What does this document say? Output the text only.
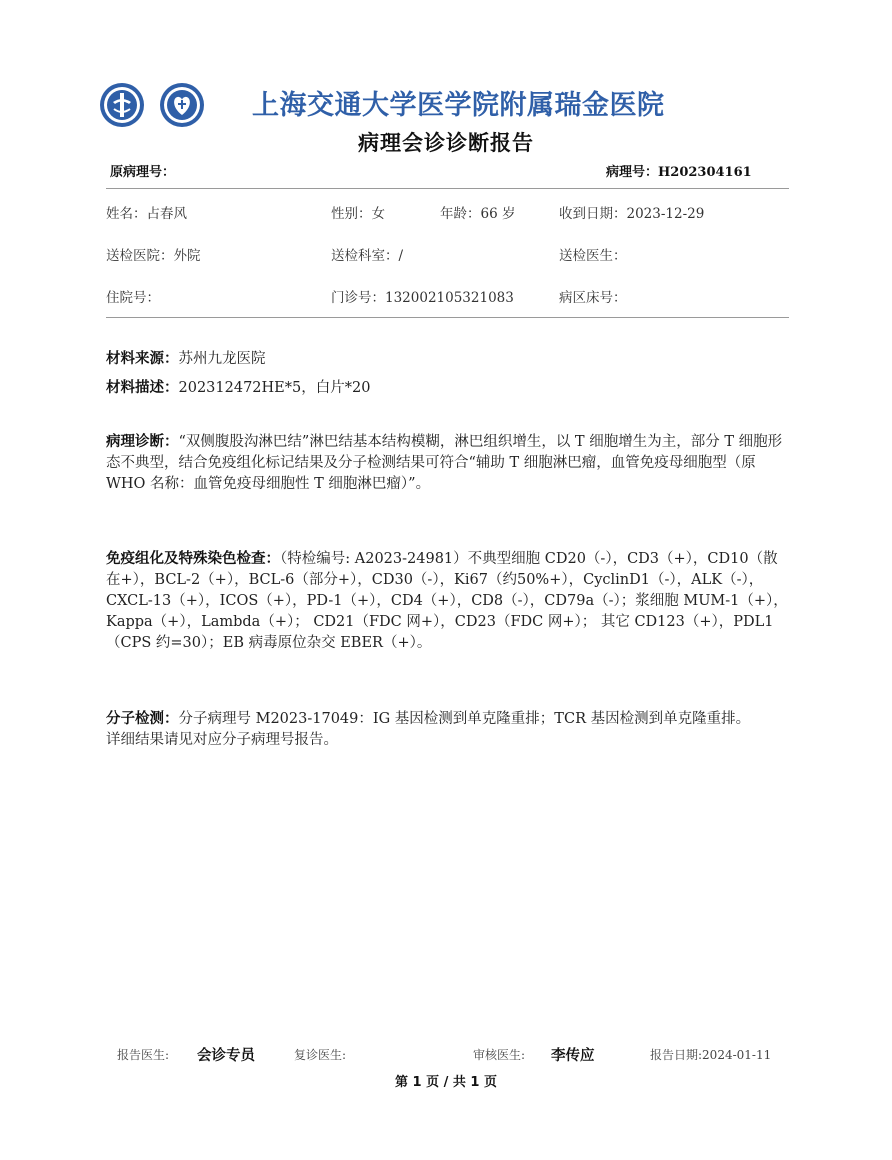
上海交通大学医学院附属瑞金医院
病理会诊诊断报告
原病理号：	病理号：H202304161
姓名：占春风	性别：女	年龄：66 岁	收到日期：2023-12-29
送检医院：外院	送检科室：/	送检医生：
住院号：	门诊号：132002105321083	病区床号：
材料来源：苏州九龙医院
材料描述：202312472HE*5，白片*20
病理诊断：“双侧腹股沟淋巴结”淋巴结基本结构模糊，淋巴组织增生，以 T 细胞增生为主，部分 T 细胞形态不典型，结合免疫组化标记结果及分子检测结果可符合“辅助 T 细胞淋巴瘤，血管免疫母细胞型（原 WHO 名称：血管免疫母细胞性 T 细胞淋巴瘤）”。
免疫组化及特殊染色检查：（特检编号: A2023-24981）不典型细胞 CD20（-），CD3（+），CD10（散在+），BCL-2（+），BCL-6（部分+），CD30（-），Ki67（约50%+），CyclinD1（-），ALK（-），CXCL-13（+），ICOS（+），PD-1（+），CD4（+），CD8（-），CD79a（-）；浆细胞 MUM-1（+），Kappa（+），Lambda（+）； CD21（FDC 网+），CD23（FDC 网+）； 其它 CD123（+），PDL1（CPS 约=30）；EB 病毒原位杂交 EBER（+）。
分子检测：分子病理号 M2023-17049：IG 基因检测到单克隆重排；TCR 基因检测到单克隆重排。
详细结果请见对应分子病理号报告。
报告医生: 会诊专员	复诊医生:	审核医生: 李传应	报告日期:2024-01-11
第 1 页 / 共 1 页
